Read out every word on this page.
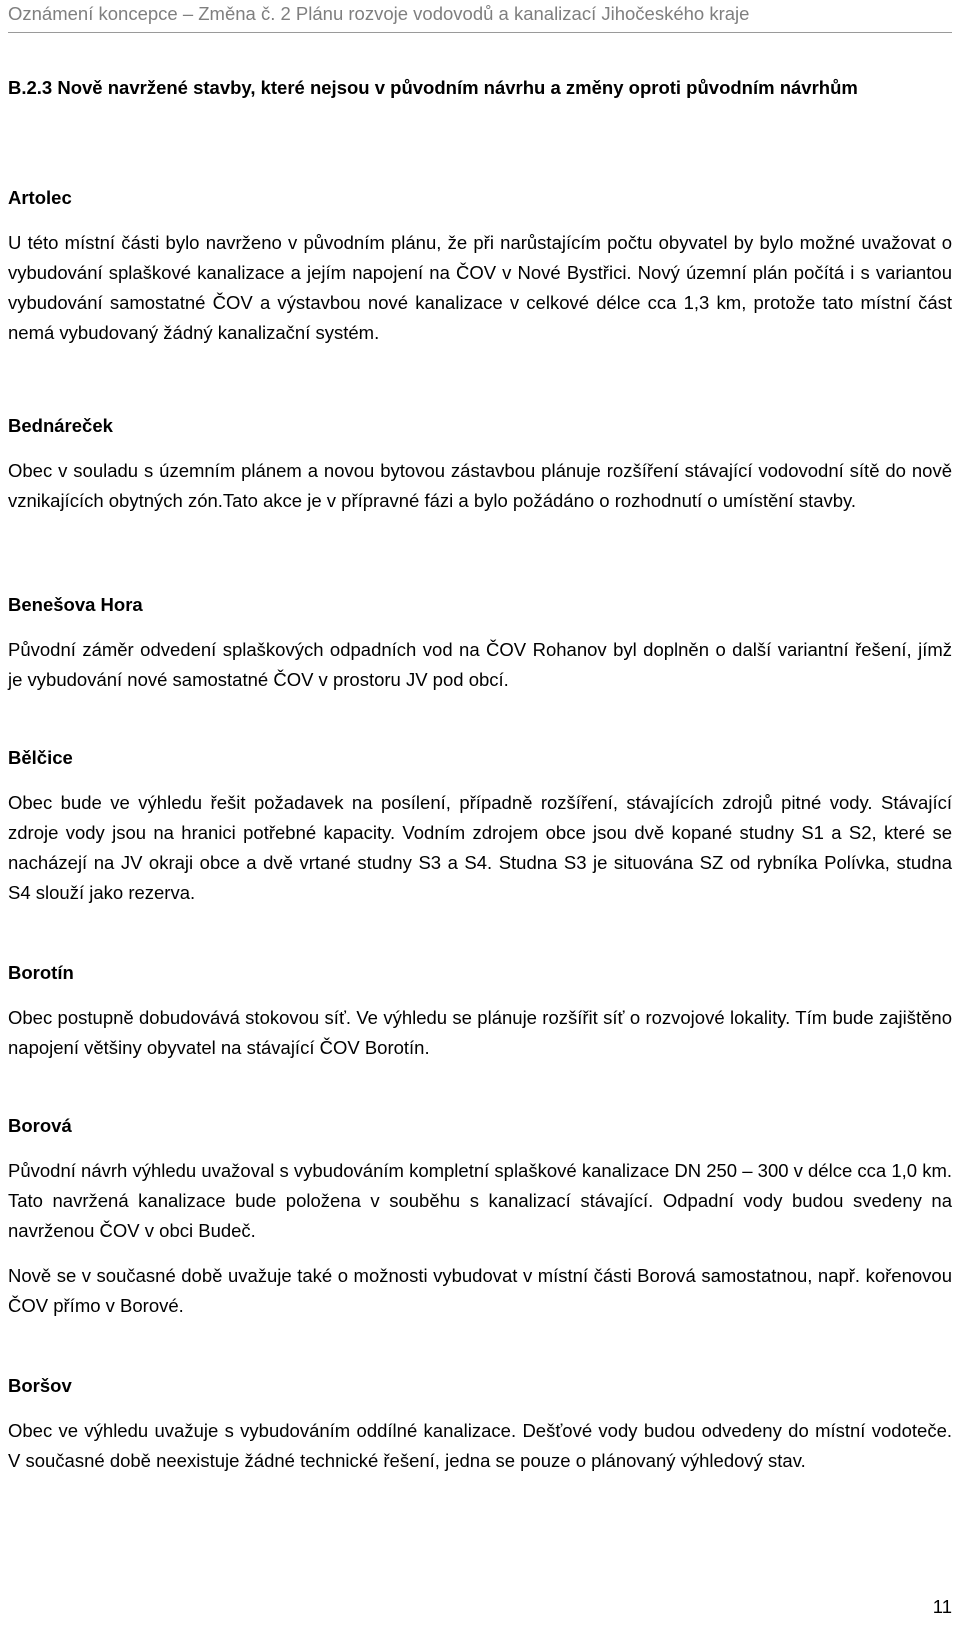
Oznámení koncepce – Změna č. 2 Plánu rozvoje vodovodů a kanalizací Jihočeského kraje
B.2.3 Nově navržené stavby, které nejsou v původním návrhu a změny oproti původním návrhům

Artolec

U této místní části bylo navrženo v původním plánu, že při narůstajícím počtu obyvatel by bylo možné uvažovat o vybudování splaškové kanalizace a jejím napojení na ČOV v Nové Bystřici. Nový územní plán počítá i s variantou vybudování samostatné ČOV a výstavbou nové kanalizace v celkové délce cca 1,3 km, protože tato místní část nemá vybudovaný žádný kanalizační systém.

Bednáreček

Obec v souladu s územním plánem a novou bytovou zástavbou plánuje rozšíření stávající vodovodní sítě do nově vznikajících obytných zón.Tato akce je v přípravné fázi a bylo požádáno o rozhodnutí o umístění stavby.

Benešova Hora

Původní záměr odvedení splaškových odpadních vod na ČOV Rohanov byl doplněn o další variantní řešení, jímž je vybudování nové samostatné ČOV v prostoru JV pod obcí.

Bělčice

Obec bude ve výhledu řešit požadavek na posílení, případně rozšíření, stávajících zdrojů pitné vody. Stávající zdroje vody jsou na hranici potřebné kapacity. Vodním zdrojem obce jsou dvě kopané studny S1 a S2, které se nacházejí na JV okraji obce a dvě vrtané studny S3 a S4. Studna S3 je situována SZ od rybníka Polívka, studna S4 slouží jako rezerva.

Borotín

Obec postupně dobudovává stokovou síť. Ve výhledu se plánuje rozšířit síť o rozvojové lokality. Tím bude zajištěno napojení většiny obyvatel na stávající ČOV Borotín.

Borová

Původní návrh výhledu uvažoval s vybudováním kompletní splaškové kanalizace DN 250 – 300 v délce cca 1,0 km. Tato navržená kanalizace bude položena v souběhu s kanalizací stávající. Odpadní vody budou svedeny na navrženou ČOV v obci Budeč.

Nově se v současné době uvažuje také o možnosti vybudovat v místní části Borová samostatnou, např. kořenovou ČOV přímo v Borové.

Boršov

Obec ve výhledu uvažuje s vybudováním oddílné kanalizace. Dešťové vody budou odvedeny do místní vodoteče. V současné době neexistuje žádné technické řešení, jedna se pouze o plánovaný výhledový stav.

11
